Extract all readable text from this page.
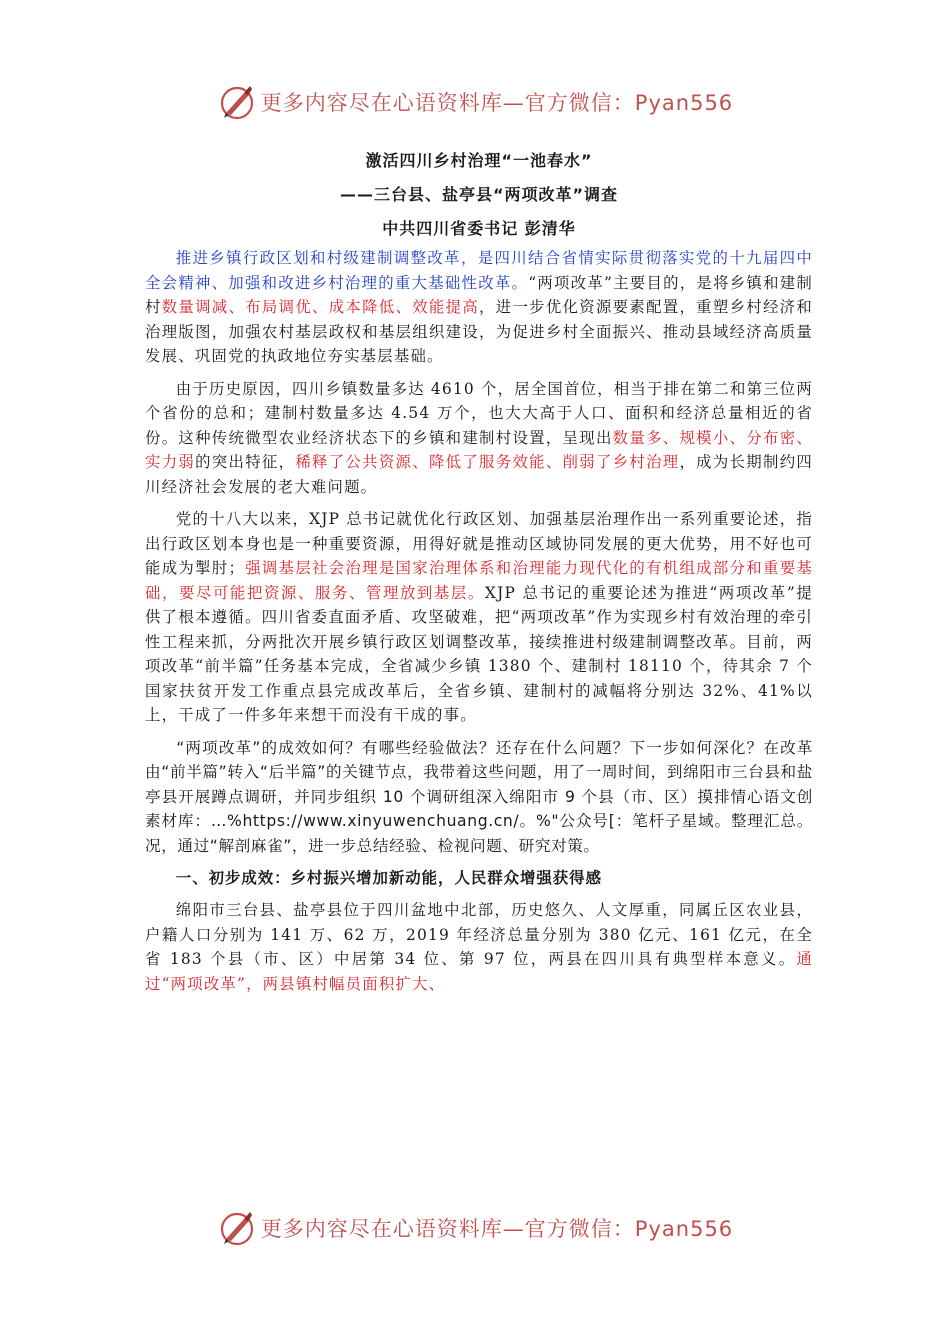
更多内容尽在心语资料库—官方微信：Pyan556
激活四川乡村治理“一池春水”
——三台县、盐亭县“两项改革”调查
中共四川省委书记 彭清华

推进乡镇行政区划和村级建制调整改革，是四川结合省情实际贯彻落实党的十九届四中全会精神、加强和改进乡村治理的重大基础性改革。“两项改革”主要目的，是将乡镇和建制村数量调减、布局调优、成本降低、效能提高，进一步优化资源要素配置，重塑乡村经济和治理版图，加强农村基层政权和基层组织建设，为促进乡村全面振兴、推动县域经济高质量发展、巩固党的执政地位夯实基层基础。

由于历史原因，四川乡镇数量多达 4610 个，居全国首位，相当于排在第二和第三位两个省份的总和；建制村数量多达 4.54 万个，也大大高于人口、面积和经济总量相近的省份。这种传统微型农业经济状态下的乡镇和建制村设置，呈现出数量多、规模小、分布密、实力弱的突出特征，稀释了公共资源、降低了服务效能、削弱了乡村治理，成为长期制约四川经济社会发展的老大难问题。

党的十八大以来，XJP 总书记就优化行政区划、加强基层治理作出一系列重要论述，指出行政区划本身也是一种重要资源，用得好就是推动区域协同发展的更大优势，用不好也可能成为掣肘；强调基层社会治理是国家治理体系和治理能力现代化的有机组成部分和重要基础，要尽可能把资源、服务、管理放到基层。XJP 总书记的重要论述为推进“两项改革”提供了根本遵循。四川省委直面矛盾、攻坚破难，把“两项改革”作为实现乡村有效治理的牵引性工程来抓，分两批次开展乡镇行政区划调整改革，接续推进村级建制调整改革。目前，两项改革“前半篇”任务基本完成，全省减少乡镇 1380 个、建制村 18110 个，待其余 7 个国家扶贫开发工作重点县完成改革后，全省乡镇、建制村的减幅将分别达 32%、41%以上，干成了一件多年来想干而没有干成的事。

“两项改革”的成效如何？有哪些经验做法？还存在什么问题？下一步如何深化？在改革由“前半篇”转入“后半篇”的关键节点，我带着这些问题，用了一周时间，到绵阳市三台县和盐亭县开展蹲点调研，并同步组织 10 个调研组深入绵阳市 9 个县（市、区）摸排情心语文创素材库：…%https://www.xinyuwenchuang.cn/。%"公众号[：笔杆子星域。整理汇总。况，通过“解剖麻雀”，进一步总结经验、检视问题、研究对策。

一、初步成效：乡村振兴增加新动能，人民群众增强获得感

绵阳市三台县、盐亭县位于四川盆地中北部，历史悠久、人文厚重，同属丘区农业县，户籍人口分别为 141 万、62 万，2019 年经济总量分别为 380 亿元、161 亿元，在全省 183 个县（市、区）中居第 34 位、第 97 位，两县在四川具有典型样本意义。通过“两项改革”，两县镇村幅员面积扩大、

更多内容尽在心语资料库—官方微信：Pyan556
